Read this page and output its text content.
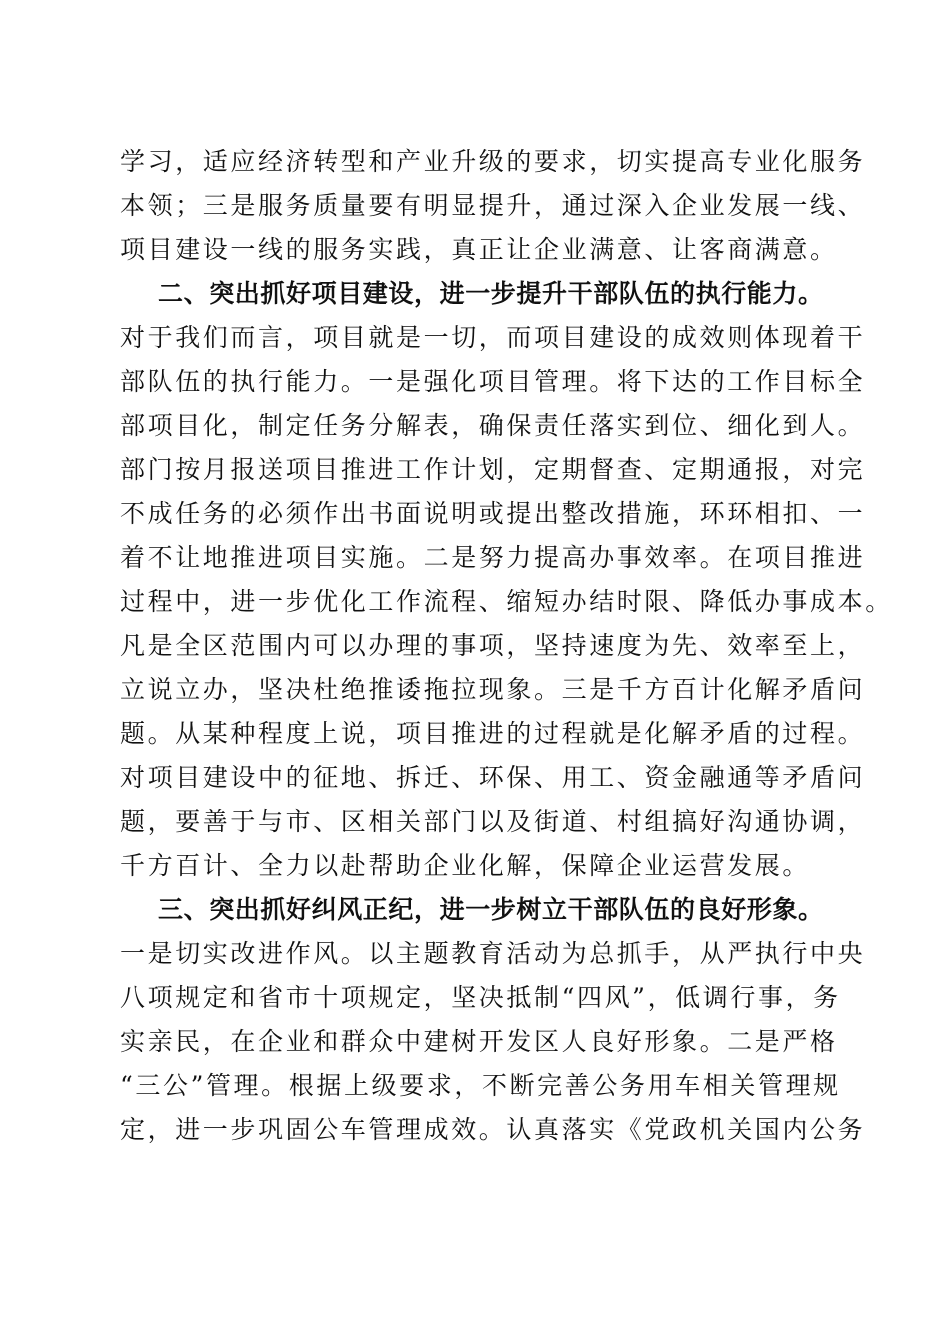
学习，适应经济转型和产业升级的要求，切实提高专业化服务
本领；三是服务质量要有明显提升，通过深入企业发展一线、
项目建设一线的服务实践，真正让企业满意、让客商满意。
二、突出抓好项目建设，进一步提升干部队伍的执行能力。
对于我们而言，项目就是一切，而项目建设的成效则体现着干
部队伍的执行能力。一是强化项目管理。将下达的工作目标全
部项目化，制定任务分解表，确保责任落实到位、细化到人。
部门按月报送项目推进工作计划，定期督查、定期通报，对完
不成任务的必须作出书面说明或提出整改措施，环环相扣、一
着不让地推进项目实施。二是努力提高办事效率。在项目推进
过程中，进一步优化工作流程、缩短办结时限、降低办事成本。
凡是全区范围内可以办理的事项，坚持速度为先、效率至上，
立说立办，坚决杜绝推诿拖拉现象。三是千方百计化解矛盾问
题。从某种程度上说，项目推进的过程就是化解矛盾的过程。
对项目建设中的征地、拆迁、环保、用工、资金融通等矛盾问
题，要善于与市、区相关部门以及街道、村组搞好沟通协调，
千方百计、全力以赴帮助企业化解，保障企业运营发展。
三、突出抓好纠风正纪，进一步树立干部队伍的良好形象。
一是切实改进作风。以主题教育活动为总抓手，从严执行中央
八项规定和省市十项规定，坚决抵制“四风”，低调行事，务
实亲民，在企业和群众中建树开发区人良好形象。二是严格
“三公”管理。根据上级要求，不断完善公务用车相关管理规
定，进一步巩固公车管理成效。认真落实《党政机关国内公务
